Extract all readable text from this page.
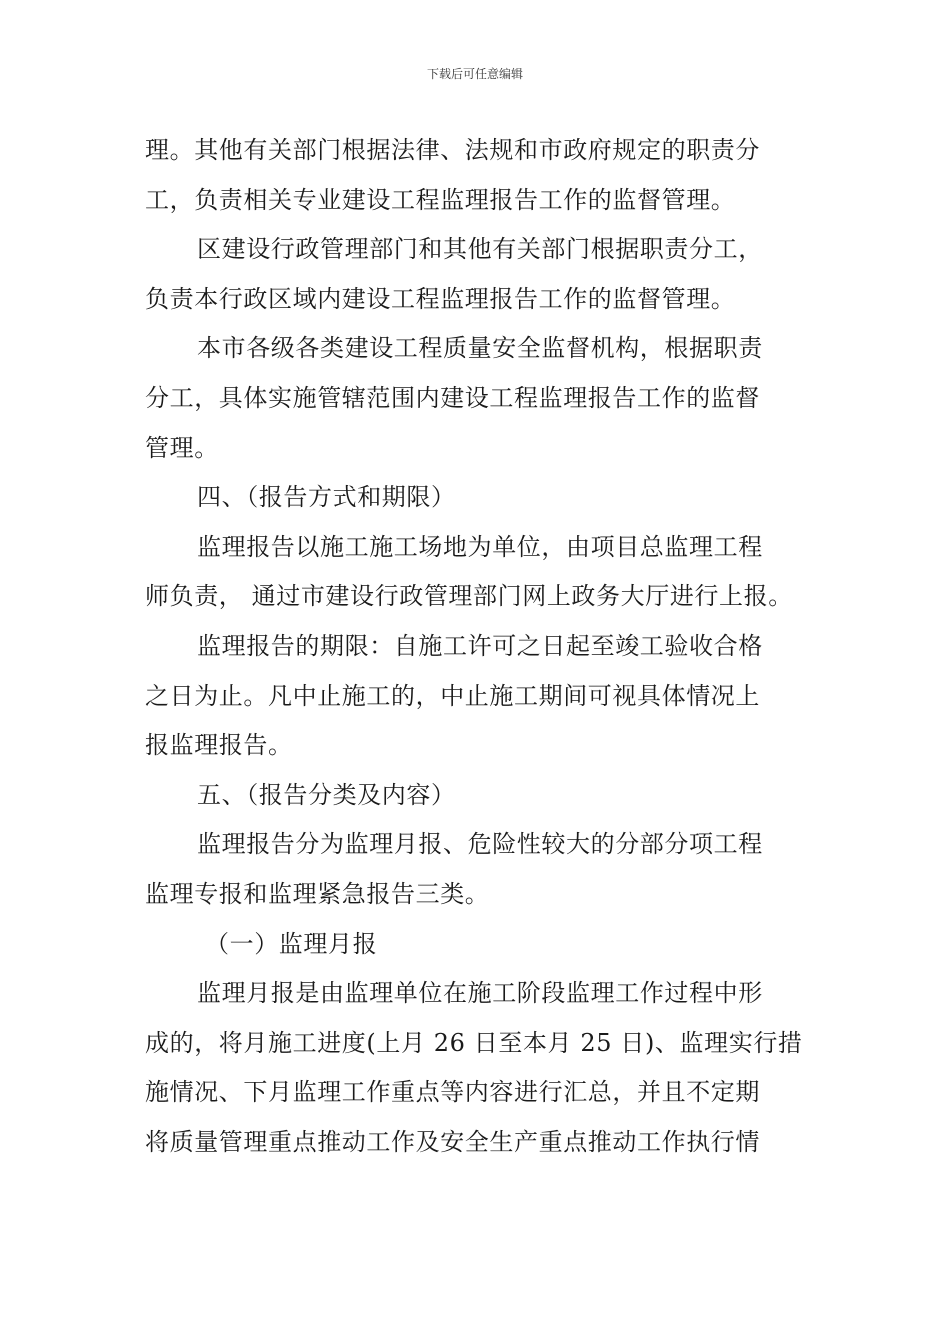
下载后可任意编辑
理。其他有关部门根据法律、法规和市政府规定的职责分
工，负责相关专业建设工程监理报告工作的监督管理。
区建设行政管理部门和其他有关部门根据职责分工，
负责本行政区域内建设工程监理报告工作的监督管理。
本市各级各类建设工程质量安全监督机构，根据职责
分工，具体实施管辖范围内建设工程监理报告工作的监督
管理。
四、（报告方式和期限）
监理报告以施工施工场地为单位，由项目总监理工程
师负责， 通过市建设行政管理部门网上政务大厅进行上报。
监理报告的期限：自施工许可之日起至竣工验收合格
之日为止。凡中止施工的，中止施工期间可视具体情况上
报监理报告。
五、（报告分类及内容）
监理报告分为监理月报、危险性较大的分部分项工程
监理专报和监理紧急报告三类。
（一）监理月报
监理月报是由监理单位在施工阶段监理工作过程中形
成的，将月施工进度(上月 26 日至本月 25 日)、监理实行措
施情况、下月监理工作重点等内容进行汇总，并且不定期
将质量管理重点推动工作及安全生产重点推动工作执行情
